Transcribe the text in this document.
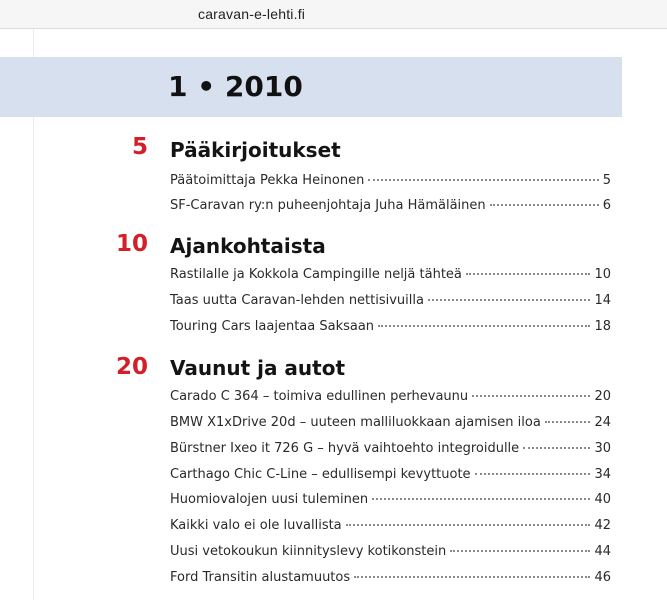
caravan-e-lehti.fi
1 • 2010
5 Pääkirjoitukset
Päätoimittaja Pekka Heinonen	5
SF-Caravan ry:n puheenjohtaja Juha Hämäläinen	6
10 Ajankohtaista
Rastilalle ja Kokkola Campingille neljä tähteä	10
Taas uutta Caravan-lehden nettisivuilla	14
Touring Cars laajentaa Saksaan	18
20 Vaunut ja autot
Carado C 364 – toimiva edullinen perhevaunu	20
BMW X1xDrive 20d – uuteen malliluokkaan ajamisen iloa	24
Bürstner Ixeo it 726 G – hyvä vaihtoehto integroidulle	30
Carthago Chic C-Line – edullisempi kevyttuote	34
Huomiovalojen uusi tuleminen	40
Kaikki valo ei ole luvallista	42
Uusi vetokoukun kiinnityslevy kotikonstein	44
Ford Transitin alustamuutos	46
